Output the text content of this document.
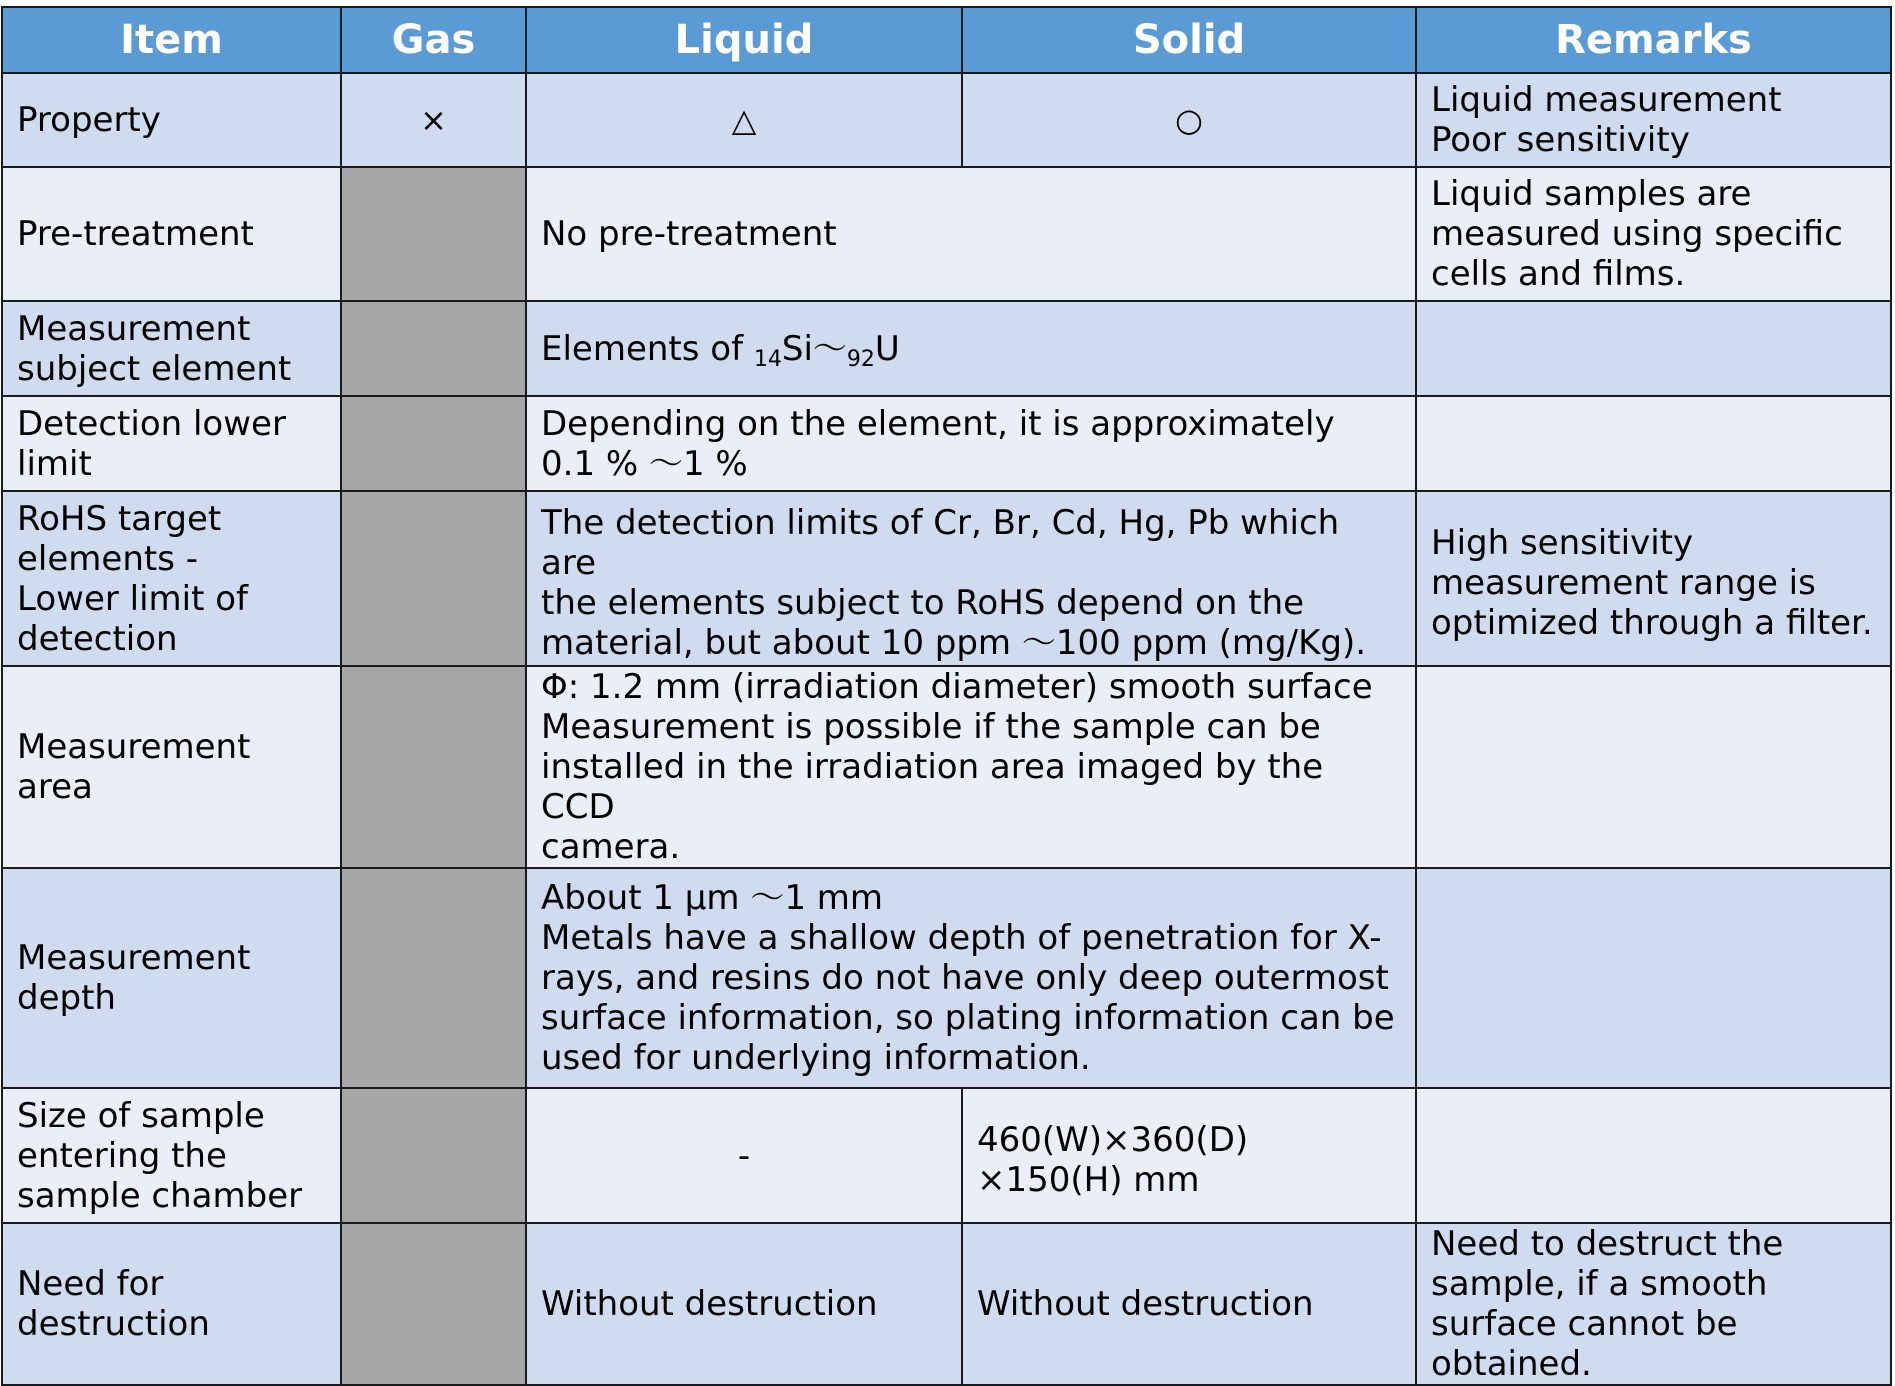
Item	Gas	Liquid	Solid	Remarks
Property	×	△	○	Liquid measurement
Poor sensitivity

Pre-treatment		No pre-treatment		Liquid samples are
measured using specific
cells and films.

Measurement
subject element		Elements of $_{14}Si\sim_{92}U$		

Detection lower
limit		Depending on the element, it is approximately
0.1 % ～1 %		

RoHS target
elements -
Lower limit of
detection		The detection limits of Cr, Br, Cd, Hg, Pb which are
the elements subject to RoHS depend on the
material, but about 10 ppm ～100 ppm (mg/Kg).		High sensitivity
measurement range is
optimized through a filter.

Measurement area		Φ: 1.2 mm (irradiation diameter) smooth surface
Measurement is possible if the sample can be
installed in the irradiation area imaged by the CCD
camera.		

Measurement
depth		About 1 μm ～1 mm
Metals have a shallow depth of penetration for X-
rays, and resins do not have only deep outermost
surface information, so plating information can be
used for underlying information.		

Size of sample
entering the
sample chamber		-	460(W)×360(D)
×150(H) mm	

Need for
destruction		Without destruction	Without destruction	Need to destruct the
sample, if a smooth
surface cannot be obtained.
